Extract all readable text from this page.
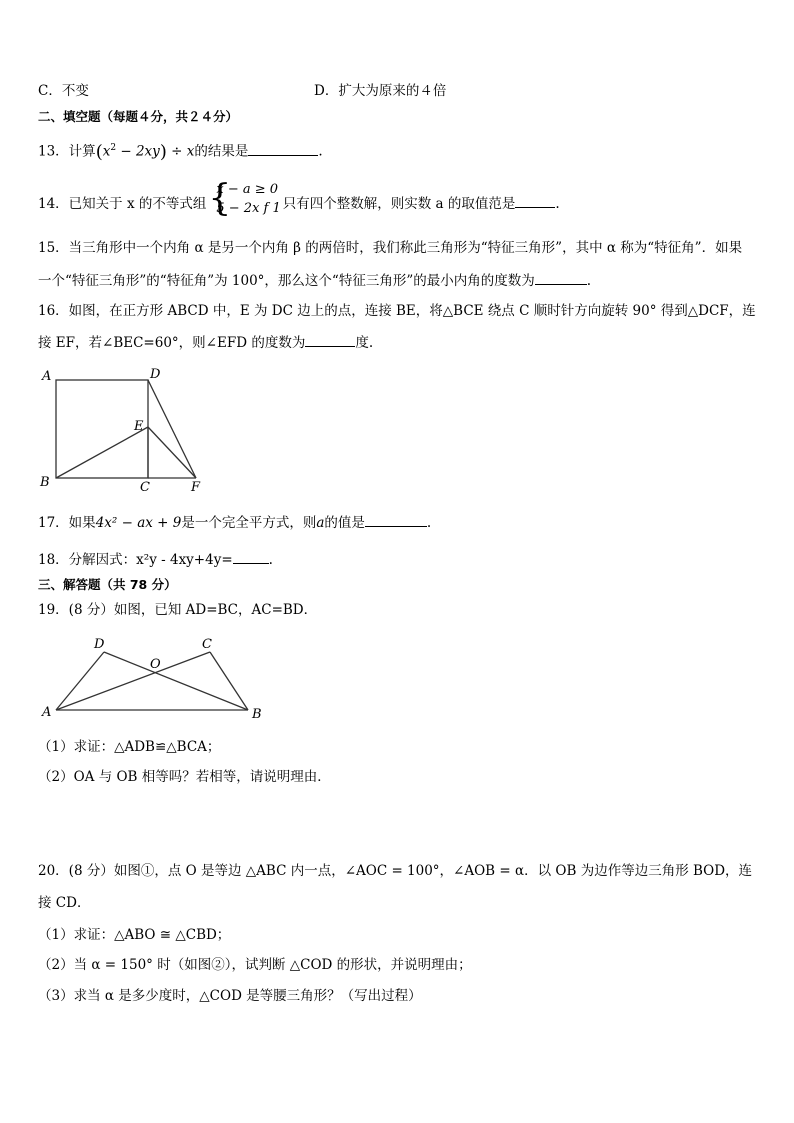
C．不变	D．扩大为原来的４倍
二、填空题（每题４分，共２４分）
13．计算$(x^2 - 2xy) \div x$的结果是	.
14．已知关于 x 的不等式组 {
x − a ≥ 0
5 − 2x f 1 只有四个整数解，则实数 a 的取值范是	.
15．当三角形中一个内角 α 是另一个内角 β 的两倍时，我们称此三角形为“特征三角形”，其中 α 称为“特征角”．如果
一个“特征三角形”的“特征角”为 100°，那么这个“特征三角形”的最小内角的度数为	.
16．如图，在正方形 ABCD 中，E 为 DC 边上的点，连接 BE，将△BCE 绕点 C 顺时针方向旋转 90° 得到△DCF，连
接 EF，若∠BEC=60°，则∠EFD 的度数为	度.
A	D
E
B	C	F
17．如果4x² − ax + 9是一个完全平方式，则a的值是	.
18．分解因式：x²y - 4xy+4y=	.
三、解答题（共 78 分）
19．(8 分）如图，已知 AD=BC，AC=BD．
A	B
D	C
O
（1）求证：△ADB≌△BCA；
（2）OA 与 OB 相等吗？若相等，请说明理由．
20．(8 分）如图①，点 O 是等边 △ABC 内一点，∠AOC = 100°，∠AOB = α．以 OB 为边作等边三角形 BOD，连
接 CD．
（1）求证：△ABO ≅ △CBD；
（2）当 α = 150° 时（如图②），试判断 △COD 的形状，并说明理由；
（3）求当 α 是多少度时，△COD 是等腰三角形？（写出过程）
